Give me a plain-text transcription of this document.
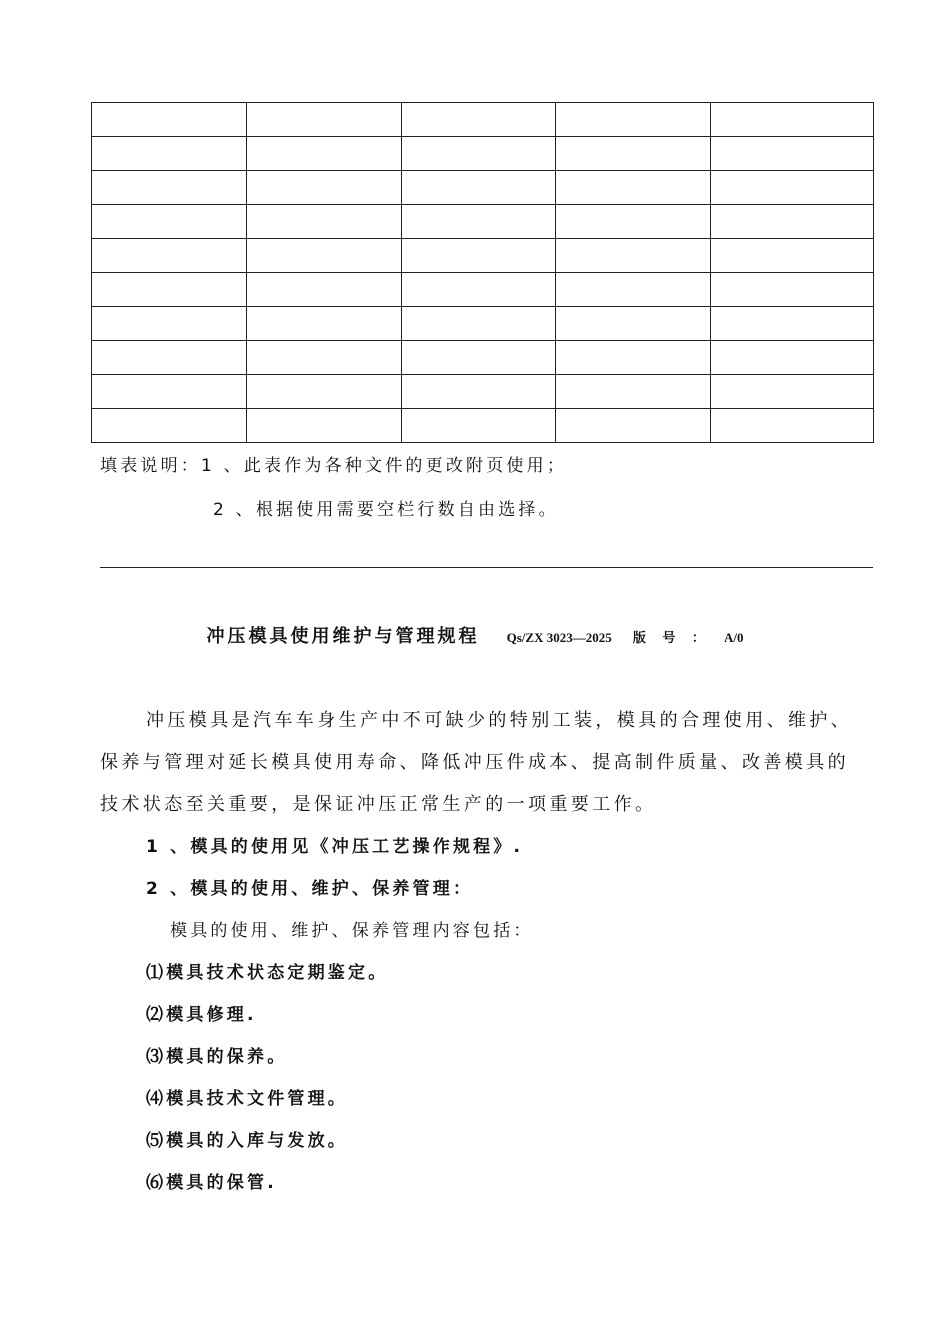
填表说明：1 、此表作为各种文件的更改附页使用；
2 、根据使用需要空栏行数自由选择。
冲压模具使用维护与管理规程 Qs/ZX 3023—2025 版 号 ： A/0
冲压模具是汽车车身生产中不可缺少的特别工装，模具的合理使用、维护、保养与管理对延长模具使用寿命、降低冲压件成本、提高制件质量、改善模具的技术状态至关重要，是保证冲压正常生产的一项重要工作。
1 、模具的使用见《冲压工艺操作规程》.
2 、模具的使用、维护、保养管理：
模具的使用、维护、保养管理内容包括：
⑴模具技术状态定期鉴定。
⑵模具修理.
⑶模具的保养。
⑷模具技术文件管理。
⑸模具的入库与发放。
⑹模具的保管.
